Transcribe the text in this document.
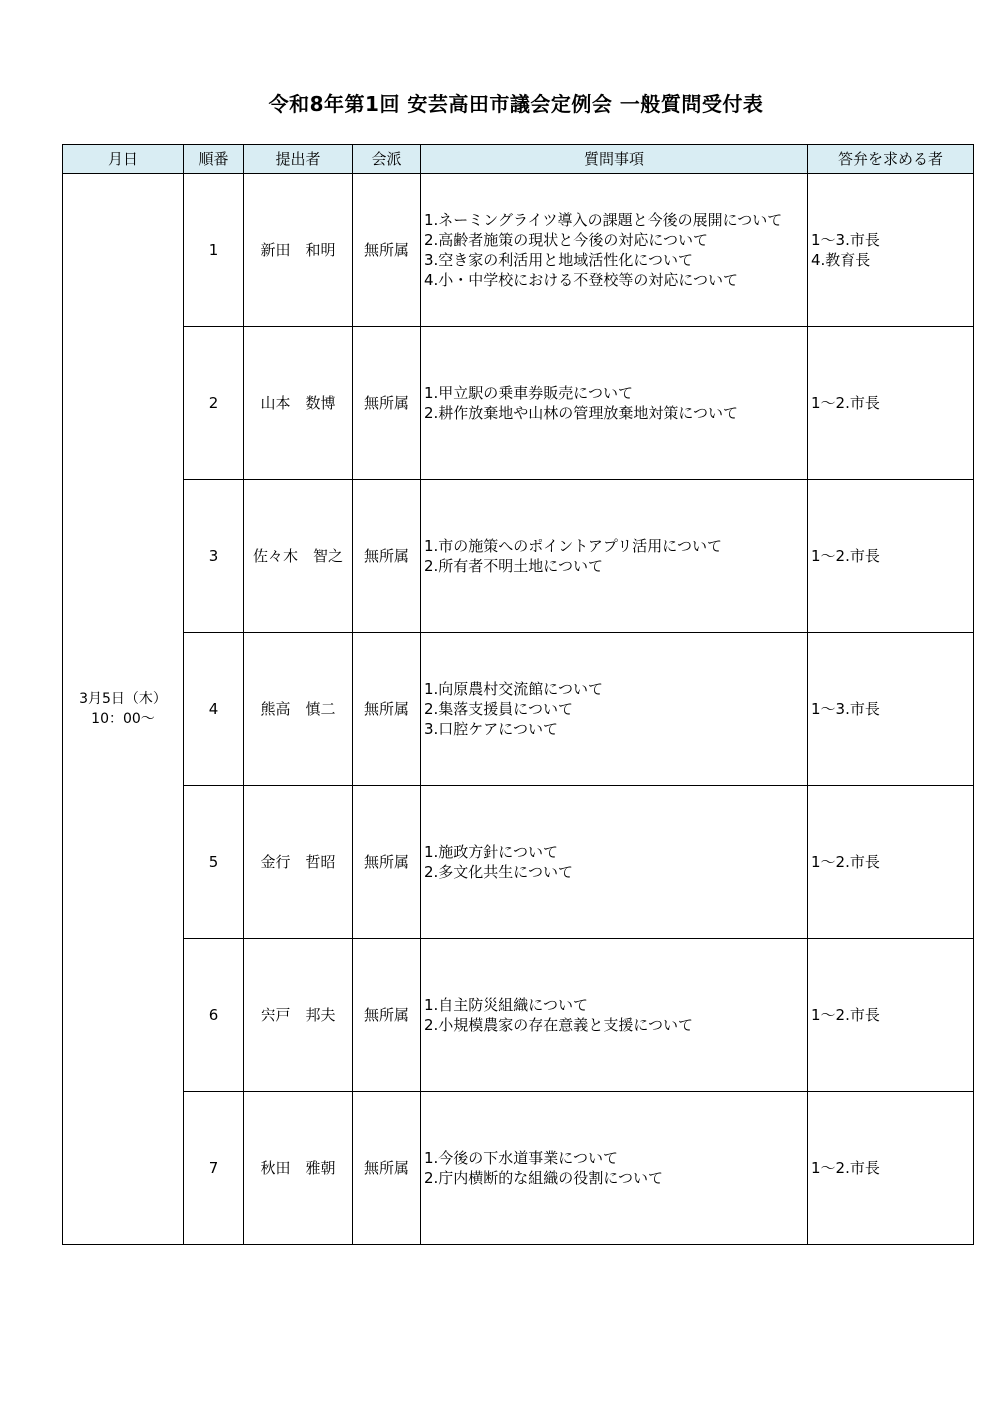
令和8年第1回 安芸高田市議会定例会 一般質問受付表
月日	順番	提出者	会派	質問事項	答弁を求める者

3月5日（木）
10：00～	1	新田　和明	無所属	1.ネーミングライツ導入の課題と今後の展開について
2.高齢者施策の現状と今後の対応について
3.空き家の利活用と地域活性化について
4.小・中学校における不登校等の対応について	1～3.市長
4.教育長

	2	山本　数博	無所属	1.甲立駅の乗車券販売について
2.耕作放棄地や山林の管理放棄地対策について	1～2.市長

	3	佐々木　智之	無所属	1.市の施策へのポイントアプリ活用について
2.所有者不明土地について	1～2.市長

	4	熊高　慎二	無所属	1.向原農村交流館について
2.集落支援員について
3.口腔ケアについて	1～3.市長

	5	金行　哲昭	無所属	1.施政方針について
2.多文化共生について	1～2.市長

	6	宍戸　邦夫	無所属	1.自主防災組織について
2.小規模農家の存在意義と支援について	1～2.市長

	7	秋田　雅朝	無所属	1.今後の下水道事業について
2.庁内横断的な組織の役割について	1～2.市長
